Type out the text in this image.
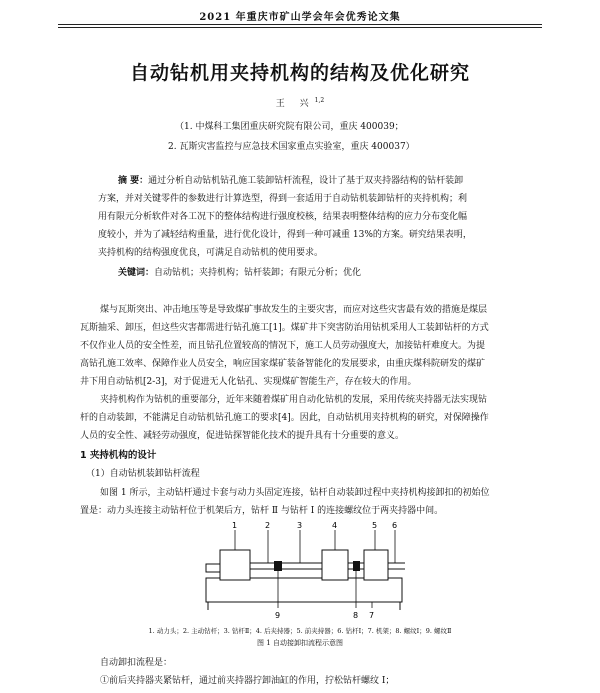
2021 年重庆市矿山学会年会优秀论文集
自动钻机用夹持机构的结构及优化研究
王 兴$^{1,2}$
（1. 中煤科工集团重庆研究院有限公司，重庆 400039；
2. 瓦斯灾害监控与应急技术国家重点实验室，重庆 400037）
摘 要：通过分析自动钻机钻孔施工装卸钻杆流程，设计了基于双夹持器结构的钻杆装卸
方案，并对关键零件的参数进行计算选型，得到一套适用于自动钻机装卸钻杆的夹持机构；利
用有限元分析软件对各工况下的整体结构进行强度校核，结果表明整体结构的应力分布变化幅
度较小，并为了减轻结构重量，进行优化设计，得到一种可减重 13%的方案。研究结果表明，
夹持机构的结构强度优良，可满足自动钻机的使用要求。
关键词：自动钻机；夹持机构；钻杆装卸；有限元分析；优化
煤与瓦斯突出、冲击地压等是导致煤矿事故发生的主要灾害，而应对这些灾害最有效的措施是煤层
瓦斯抽采、卸压，但这些灾害都需进行钻孔施工[1]。煤矿井下突害防治用钻机采用人工装卸钻杆的方式
不仅作业人员的安全性差，而且钻孔位置较高的情况下，施工人员劳动强度大，加接钻杆难度大。为提
高钻孔施工效率、保障作业人员安全，响应国家煤矿装备智能化的发展要求，由重庆煤科院研发的煤矿
井下用自动钻机[2-3]，对于促进无人化钻孔、实现煤矿智能生产，存在较大的作用。
夹持机构作为钻机的重要部分，近年来随着煤矿用自动化钻机的发展，采用传统夹持器无法实现钻
杆的自动装卸，不能满足自动钻机钻孔施工的要求[4]。因此，自动钻机用夹持机构的研究，对保障操作
人员的安全性、减轻劳动强度，促进钻探智能化技术的提升具有十分重要的意义。
1 夹持机构的设计
（1）自动钻机装卸钻杆流程
如图 1 所示，主动钻杆通过卡套与动力头固定连接，钻杆自动装卸过程中夹持机构接卸扣的初始位
置是：动力头连接主动钻杆位于机架后方，钻杆 Ⅱ 与钻杆 Ⅰ 的连接螺纹位于两夹持器中间。
1	2	3	4	5 6
9	8 7
1. 动力头；2. 主动钻杆；3. 钻杆Ⅱ；4. 后夹持器；5. 前夹持器；6. 钻杆Ⅰ；7. 机架；8. 螺纹Ⅰ；9. 螺纹Ⅱ
图 1 自动接卸扣流程示意图
自动卸扣流程是：
①前后夹持器夹紧钻杆，通过前夹持器拧卸油缸的作用，拧松钻杆螺纹 Ⅰ；
